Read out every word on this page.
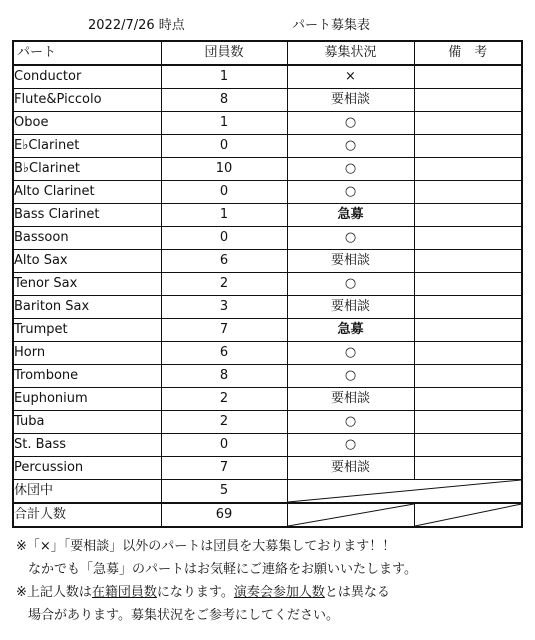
2022/7/26 時点	パート募集表
パート	団員数	募集状況	備　考
Conductor	1	×	
Flute&Piccolo	8	要相談	
Oboe	1	○	
E♭Clarinet	0	○	
B♭Clarinet	10	○	
Alto Clarinet	0	○	
Bass Clarinet	1	急募	
Bassoon	0	○	
Alto Sax	6	要相談	
Tenor Sax	2	○	
Bariton Sax	3	要相談	
Trumpet	7	急募	
Horn	6	○	
Trombone	8	○	
Euphonium	2	要相談	
Tuba	2	○	
St. Bass	0	○	
Percussion	7	要相談	
休団中	5	

合計人数	69	

※「×」「要相談」以外のパートは団員を大募集しております！！
なかでも「急募」のパートはお気軽にご連絡をお願いいたします。
※上記人数は在籍団員数になります。演奏会参加人数とは異なる
場合があります。募集状況をご参考にしてください。
